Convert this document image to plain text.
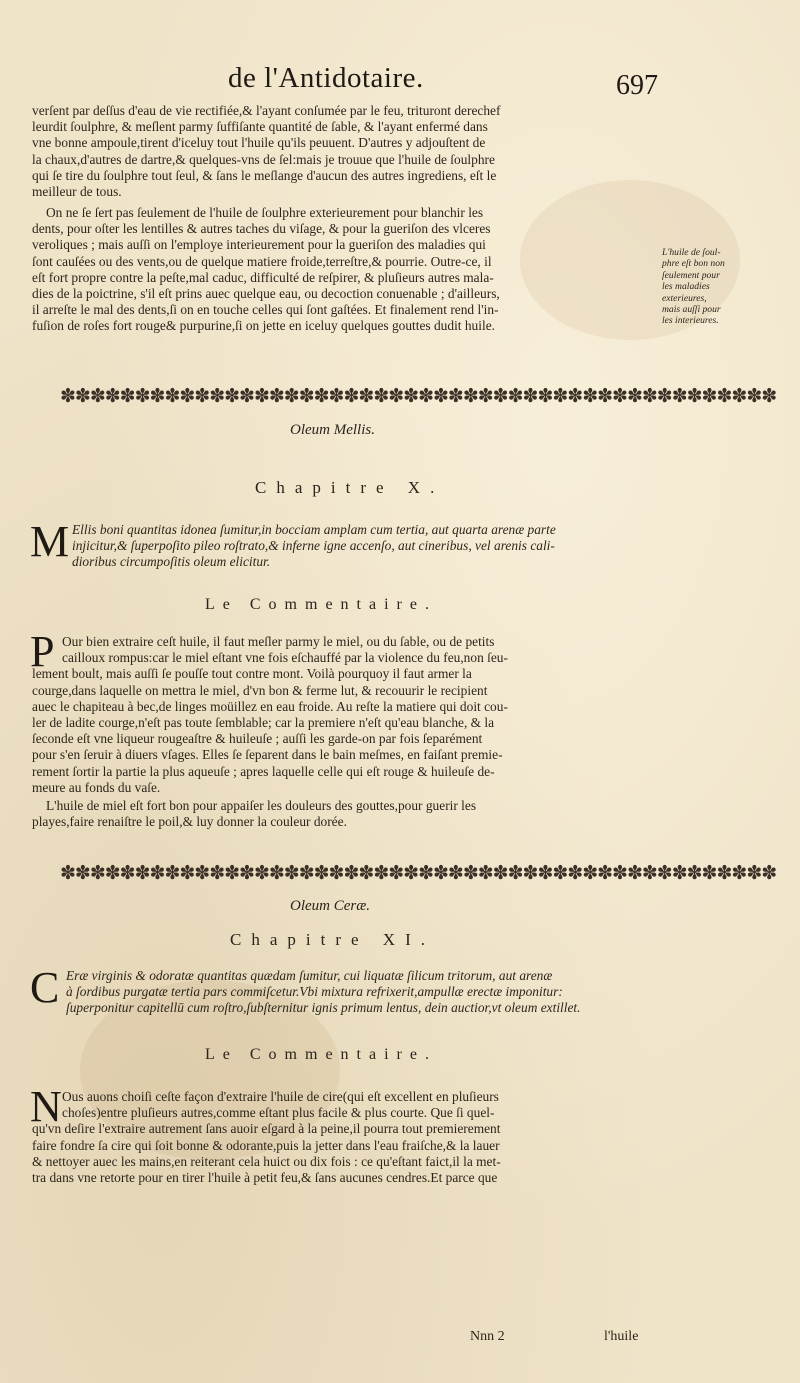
de l'Antidotaire.	697

verſent par deſſus d'eau de vie rectifiée,& l'ayant conſumée par le feu, trituront derechef
leurdit ſoulphre, & meſlent parmy ſuffiſante quantité de ſable, & l'ayant enfermé dans
vne bonne ampoule,tirent d'iceluy tout l'huile qu'ils peuuent. D'autres y adjouſtent de
la chaux,d'autres de dartre,& quelques-vns de ſel:mais je trouue que l'huile de ſoulphre
qui ſe tire du ſoulphre tout ſeul, & ſans le meſlange d'aucun des autres ingrediens, eſt le
meilleur de tous.

On ne ſe ſert pas ſeulement de l'huile de ſoulphre exterieurement pour blanchir les
dents, pour oſter les lentilles & autres taches du viſage, & pour la gueriſon des vlceres
veroliques ; mais auſſi on l'employe interieurement pour la gueriſon des maladies qui
ſont cauſées ou des vents,ou de quelque matiere froide,terreſtre,& pourrie. Outre-ce, il
eſt fort propre contre la peſte,mal caduc, difficulté de reſpirer, & pluſieurs autres mala-
dies de la poictrine, s'il eſt prins auec quelque eau, ou decoction conuenable ; d'ailleurs,
il arreſte le mal des dents,ſi on en touche celles qui ſont gaſtées. Et finalement rend l'in-
fuſion de roſes fort rouge& purpurine,ſi on jette en iceluy quelques gouttes dudit huile.

L'huile de ſoul-
phre eſt bon non
ſeulement pour
les maladies
exterieures,
mais auſſi pour
les interieures.
✽✽✽✽✽✽✽✽✽✽✽✽✽✽✽✽✽✽✽✽✽✽✽✽✽✽✽✽✽✽✽✽✽✽✽✽✽✽✽✽✽✽✽✽✽✽✽✽
Oleum Mellis.
Chapitre X.
M Ellis boni quantitas idonea ſumitur,in bocciam amplam cum tertia, aut quarta arenæ parte
injicitur,& ſuperpoſito pileo roſtrato,& inferne igne accenſo, aut cineribus, vel arenis cali-
dioribus circumpoſitis oleum elicitur.

Le Commentaire.
P Our bien extraire ceſt huile, il faut meſler parmy le miel, ou du ſable, ou de petits
cailloux rompus:car le miel eſtant vne fois eſchauffé par la violence du feu,non ſeu-
lement boult, mais auſſi ſe pouſſe tout contre mont. Voilà pourquoy il faut armer la
courge,dans laquelle on mettra le miel, d'vn bon & ferme lut, & recouurir le recipient
auec le chapiteau à bec,de linges moüillez en eau froide. Au reſte la matiere qui doit cou-
ler de ladite courge,n'eſt pas toute ſemblable; car la premiere n'eſt qu'eau blanche, & la
ſeconde eſt vne liqueur rougeaſtre & huileuſe ; auſſi les garde-on par fois ſeparément
pour s'en ſeruir à diuers vſages. Elles ſe ſeparent dans le bain meſmes, en faiſant premie-
rement ſortir la partie la plus aqueuſe ; apres laquelle celle qui eſt rouge & huileuſe de-
meure au fonds du vaſe.

L'huile de miel eſt fort bon pour appaiſer les douleurs des gouttes,pour guerir les
playes,faire renaiſtre le poil,& luy donner la couleur dorée.

✽✽✽✽✽✽✽✽✽✽✽✽✽✽✽✽✽✽✽✽✽✽✽✽✽✽✽✽✽✽✽✽✽✽✽✽✽✽✽✽✽✽✽✽✽✽✽✽
Oleum Ceræ.
Chapitre XI.
C Eræ virginis & odoratæ quantitas quædam ſumitur, cui liquatæ ſilicum tritorum, aut arenæ
à ſordibus purgatæ tertia pars commiſcetur.Vbi mixtura refrixerit,ampullæ erectæ imponitur:
ſuperponitur capitellū cum roſtro,ſubſternitur ignis primum lentus, dein auctior,vt oleum extillet.

Le Commentaire.
N Ous auons choiſi ceſte façon d'extraire l'huile de cire(qui eſt excellent en pluſieurs
choſes)entre pluſieurs autres,comme eſtant plus facile & plus courte. Que ſi quel-
qu'vn deſire l'extraire autrement ſans auoir eſgard à la peine,il pourra tout premierement
faire fondre ſa cire qui ſoit bonne & odorante,puis la jetter dans l'eau fraiſche,& la lauer
& nettoyer auec les mains,en reiterant cela huict ou dix fois : ce qu'eſtant faict,il la met-
tra dans vne retorte pour en tirer l'huile à petit feu,& ſans aucunes cendres.Et parce que

Nnn 2	l'huile
